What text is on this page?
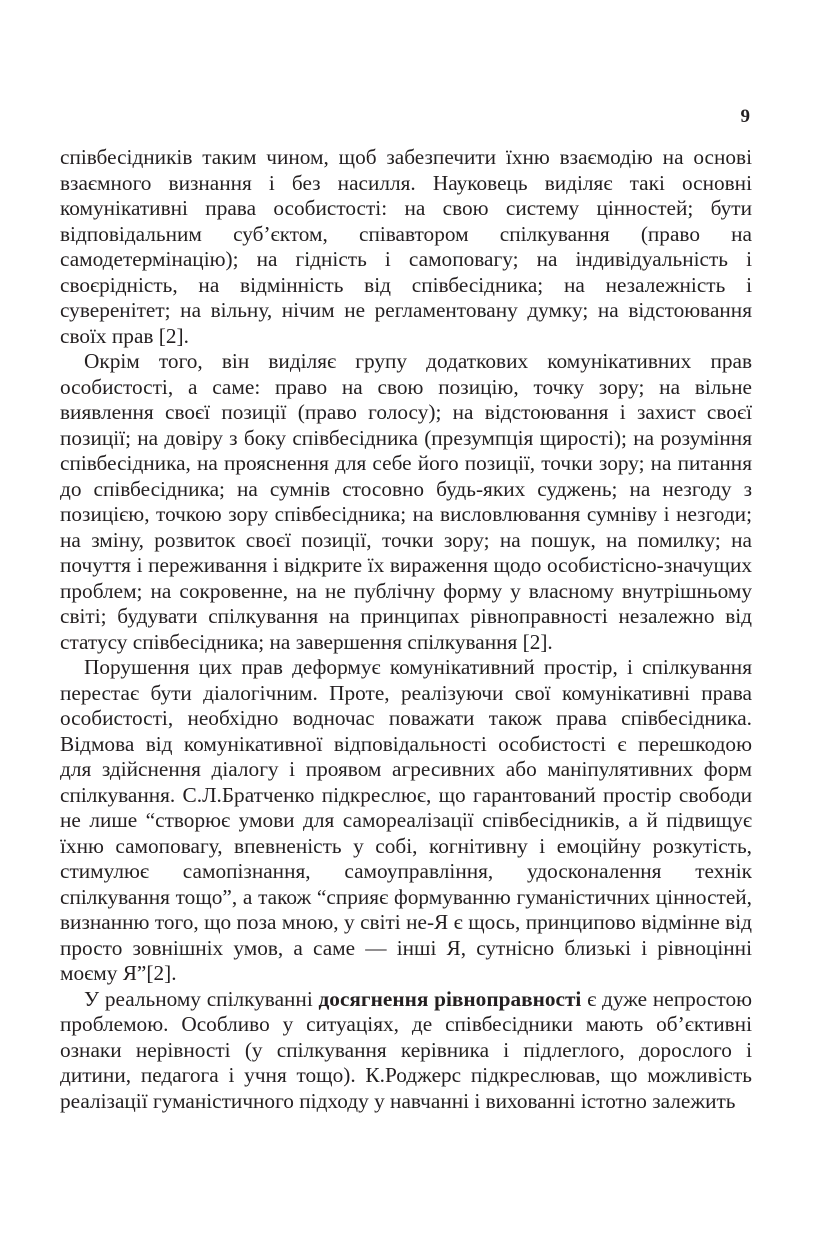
9

співбесідників таким чином, щоб забезпечити їхню взаємодію на основі взаємного визнання і без насилля. Науковець виділяє такі основні комунікативні права особистості: на свою систему цінностей; бути відповідальним суб’єктом, співавтором спілкування (право на самодетермінацію); на гідність і самоповагу; на індивідуальність і своєрідність, на відмінність від співбесідника; на незалежність і суверенітет; на вільну, нічим не регламентовану думку; на відстоювання своїх прав [2].

Окрім того, він виділяє групу додаткових комунікативних прав особистості, а саме: право на свою позицію, точку зору; на вільне виявлення своєї позиції (право голосу); на відстоювання і захист своєї позиції; на довіру з боку співбесідника (презумпція щирості); на розуміння співбесідника, на прояснення для себе його позиції, точки зору; на питання до співбесідника; на сумнів стосовно будь-яких суджень; на незгоду з позицією, точкою зору співбесідника; на висловлювання сумніву і незгоди; на зміну, розвиток своєї позиції, точки зору; на пошук, на помилку; на почуття і переживання і відкрите їх вираження щодо особистісно-значущих проблем; на сокровенне, на не публічну форму у власному внутрішньому світі; будувати спілкування на принципах рівноправності незалежно від статусу співбесідника; на завершення спілкування [2].

Порушення цих прав деформує комунікативний простір, і спілкування перестає бути діалогічним. Проте, реалізуючи свої комунікативні права особистості, необхідно водночас поважати також права співбесідника. Відмова від комунікативної відповідальності особистості є перешкодою для здійснення діалогу і проявом агресивних або маніпулятивних форм спілкування. С.Л.Братченко підкреслює, що гарантований простір свободи не лише “створює умови для самореалізації співбесідників, а й підвищує їхню самоповагу, впевненість у собі, когнітивну і емоційну розкутість, стимулює самопізнання, самоуправління, удосконалення технік спілкування тощо”, а також “сприяє формуванню гуманістичних цінностей, визнанню того, що поза мною, у світі не-Я є щось, принципово відмінне від просто зовнішніх умов, а саме — інші Я, сутнісно близькі і рівноцінні моєму Я”[2].

У реальному спілкуванні досягнення рівноправності є дуже непростою проблемою. Особливо у ситуаціях, де співбесідники мають об’єктивні ознаки нерівності (у спілкування керівника і підлеглого, дорослого і дитини, педагога і учня тощо). К.Роджерс підкреслював, що можливість реалізації гуманістичного підходу у навчанні і вихованні істотно залежить
